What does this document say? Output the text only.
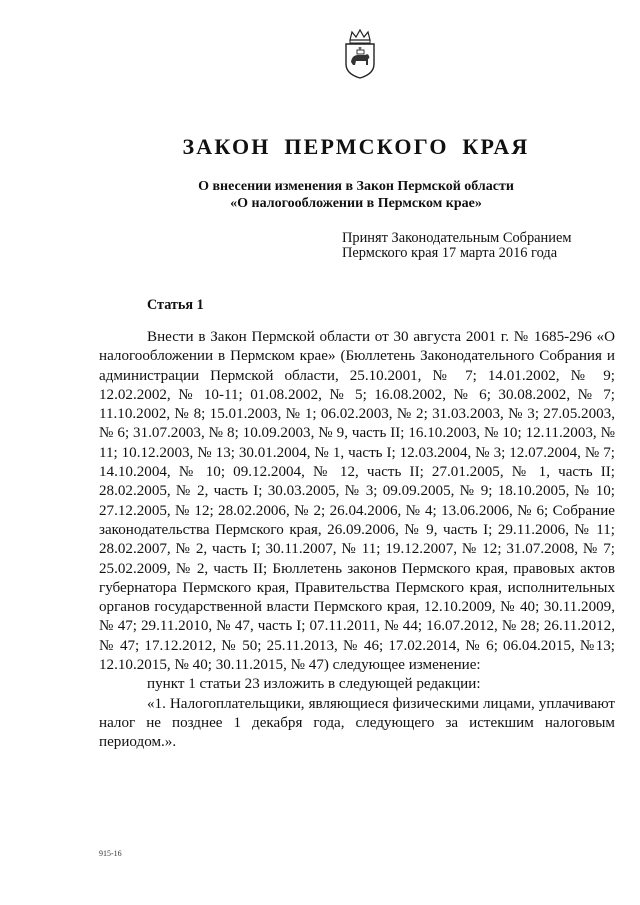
ЗАКОН ПЕРМСКОГО КРАЯ
О внесении изменения в Закон Пермской области
«О налогообложении в Пермском крае»
Принят Законодательным Собранием
Пермского края 17 марта 2016 года
Статья 1

Внести в Закон Пермской области от 30 августа 2001 г. № 1685-296 «О налогообложении в Пермском крае» (Бюллетень Законодательного Собрания и администрации Пермской области, 25.10.2001, № 7; 14.01.2002, № 9; 12.02.2002, № 10-11; 01.08.2002, № 5; 16.08.2002, № 6; 30.08.2002, № 7; 11.10.2002, № 8; 15.01.2003, № 1; 06.02.2003, № 2; 31.03.2003, № 3; 27.05.2003, № 6; 31.07.2003, № 8; 10.09.2003, № 9, часть II; 16.10.2003, № 10; 12.11.2003, № 11; 10.12.2003, № 13; 30.01.2004, № 1, часть I; 12.03.2004, № 3; 12.07.2004, № 7; 14.10.2004, № 10; 09.12.2004, № 12, часть II; 27.01.2005, № 1, часть II; 28.02.2005, № 2, часть I; 30.03.2005, № 3; 09.09.2005, № 9; 18.10.2005, № 10; 27.12.2005, № 12; 28.02.2006, № 2; 26.04.2006, № 4; 13.06.2006, № 6; Собрание законодательства Пермского края, 26.09.2006, № 9, часть I; 29.11.2006, № 11; 28.02.2007, № 2, часть I; 30.11.2007, № 11; 19.12.2007, № 12; 31.07.2008, № 7; 25.02.2009, № 2, часть II; Бюллетень законов Пермского края, правовых актов губернатора Пермского края, Правительства Пермского края, исполнительных органов государственной власти Пермского края, 12.10.2009, № 40; 30.11.2009, № 47; 29.11.2010, № 47, часть I; 07.11.2011, № 44; 16.07.2012, № 28; 26.11.2012, № 47; 17.12.2012, № 50; 25.11.2013, № 46; 17.02.2014, № 6; 06.04.2015, №13; 12.10.2015, № 40; 30.11.2015, № 47) следующее изменение:

пункт 1 статьи 23 изложить в следующей редакции:

«1. Налогоплательщики, являющиеся физическими лицами, уплачивают налог не позднее 1 декабря года, следующего за истекшим налоговым периодом.».

915-16
